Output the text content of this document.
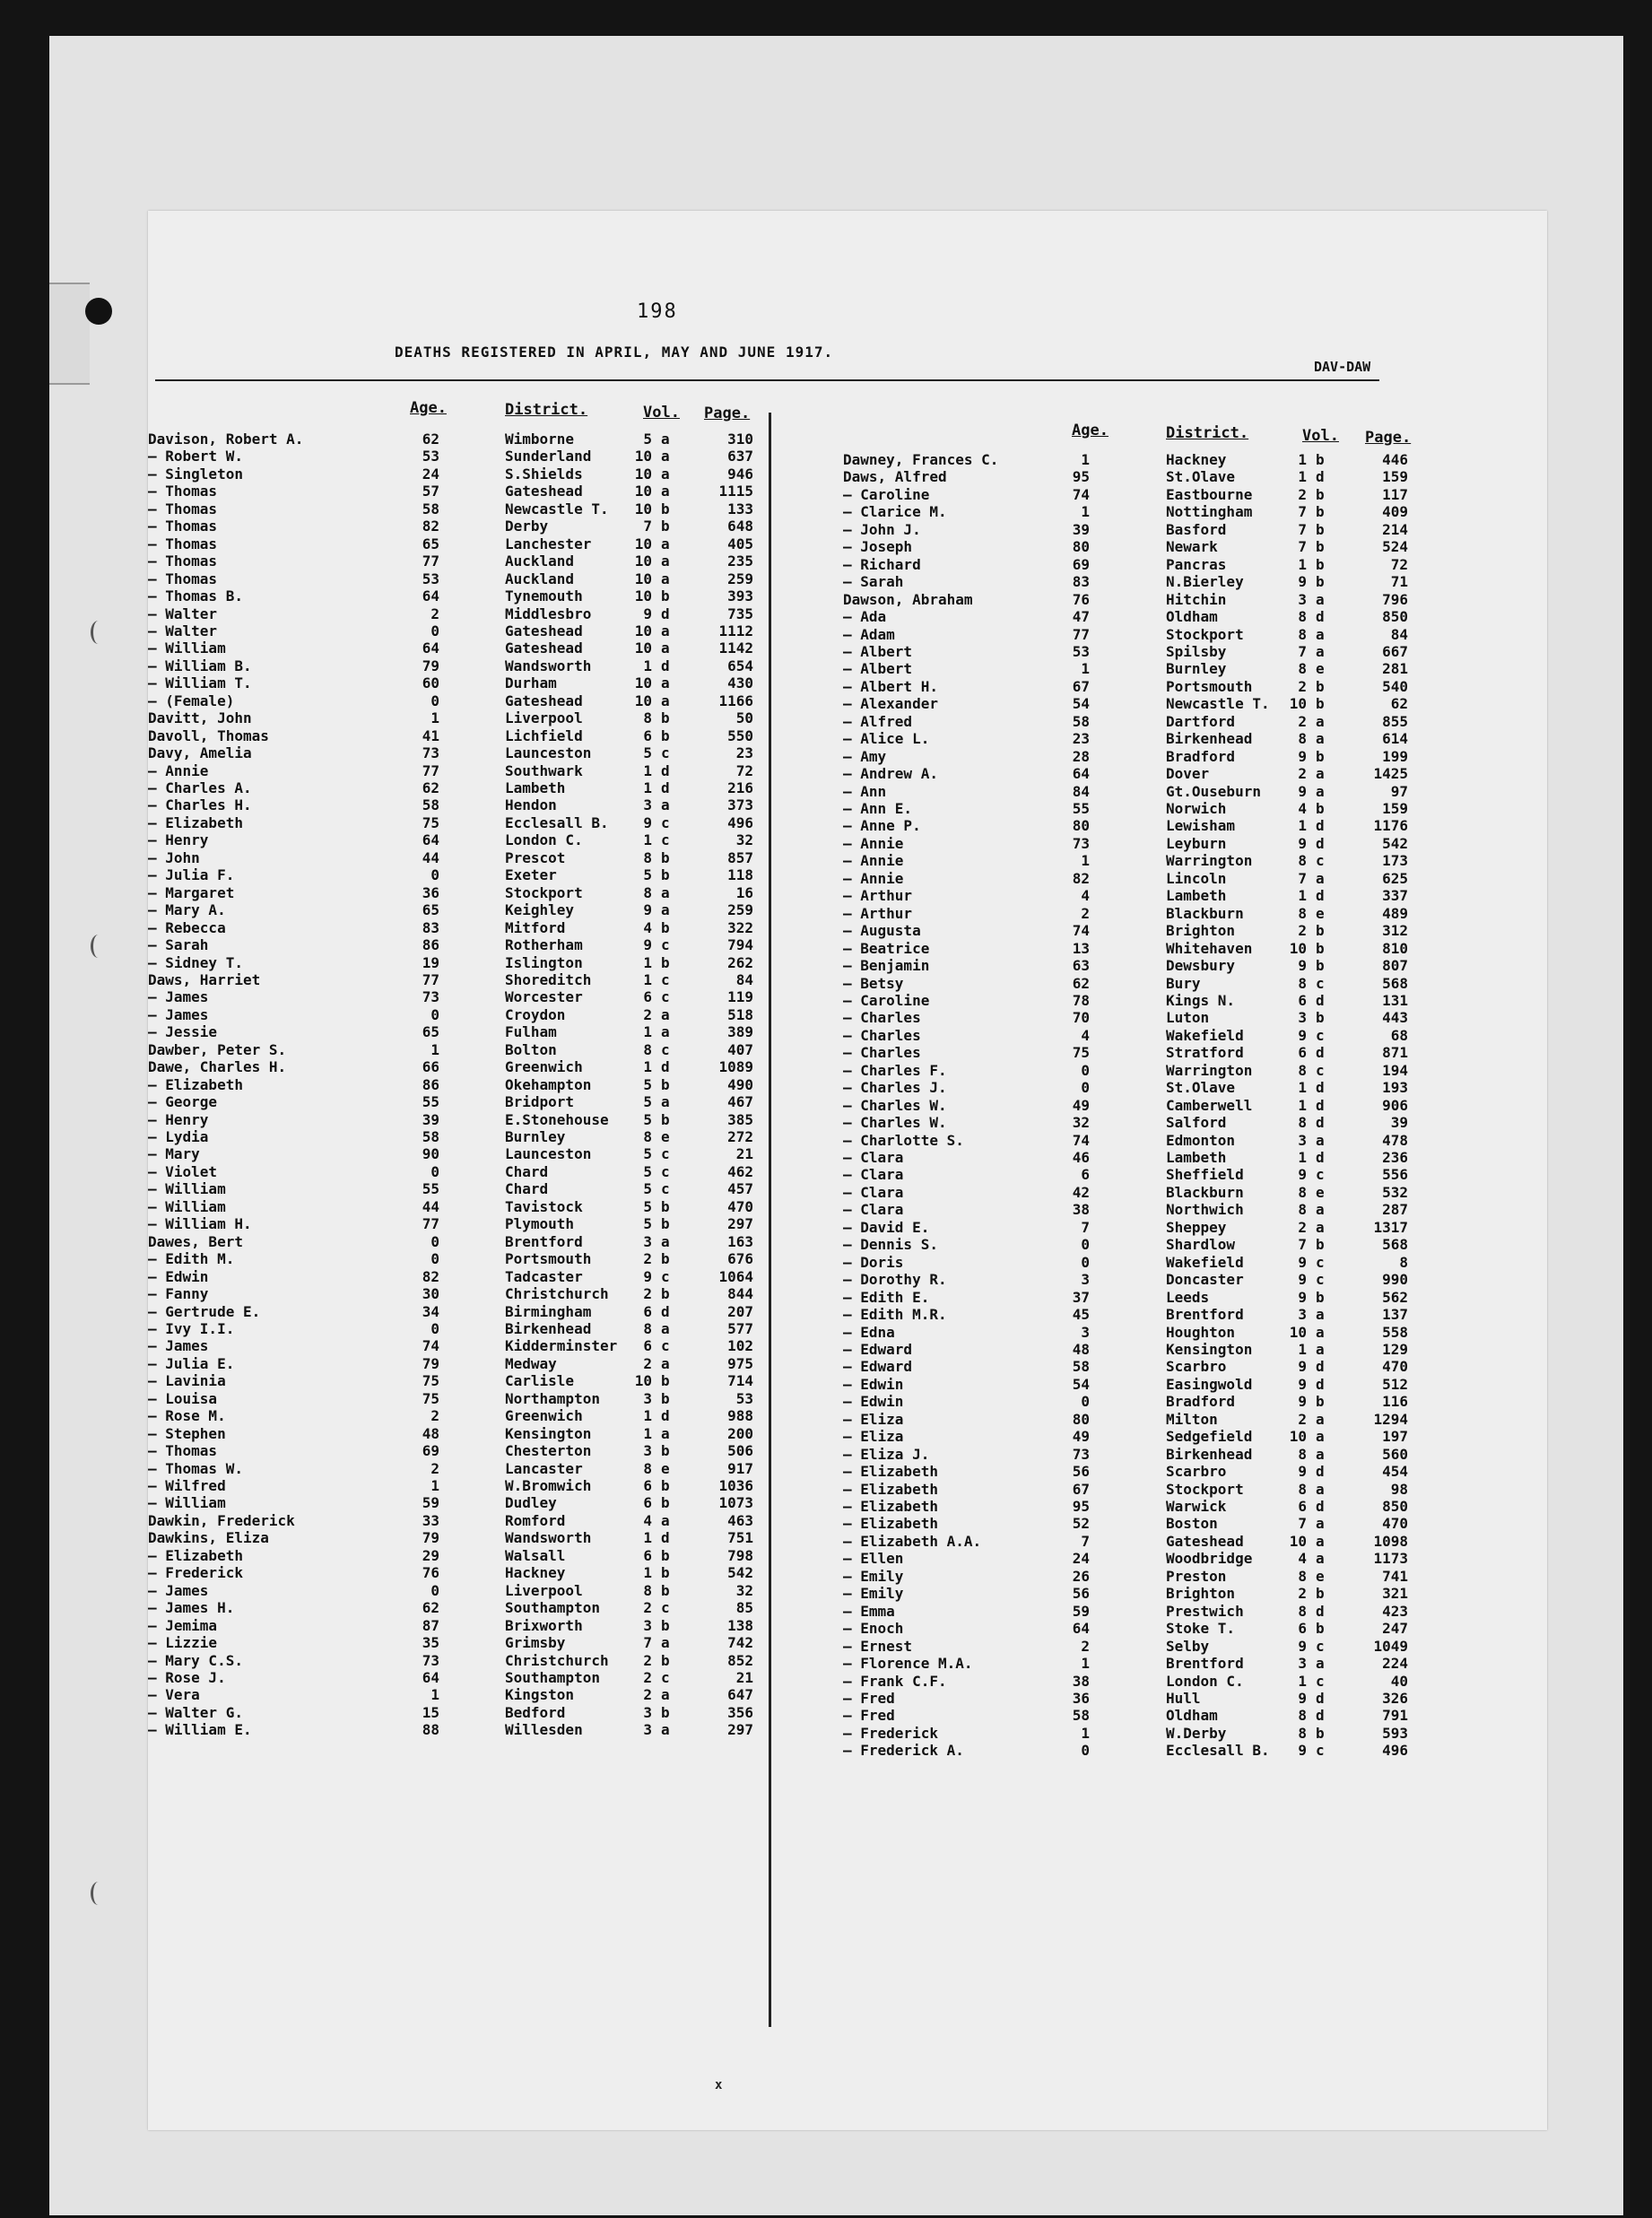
198
DEATHS REGISTERED IN APRIL, MAY AND JUNE 1917.
DAV-DAW
Age.	District.	Vol. Page.
Davison, Robert A.	62	Wimborne	5 a	310
— Robert W.	53	Sunderland	10 a	637
— Singleton	24	S.Shields	10 a	946
— Thomas	57	Gateshead	10 a	1115
— Thomas	58	Newcastle T.	10 b	133
— Thomas	82	Derby	7 b	648
— Thomas	65	Lanchester	10 a	405
— Thomas	77	Auckland	10 a	235
— Thomas	53	Auckland	10 a	259
— Thomas B.	64	Tynemouth	10 b	393
— Walter	2	Middlesbro	9 d	735
— Walter	0	Gateshead	10 a	1112
— William	64	Gateshead	10 a	1142
— William B.	79	Wandsworth	1 d	654
— William T.	60	Durham	10 a	430
— (Female)	0	Gateshead	10 a	1166
Davitt, John	1	Liverpool	8 b	50
Davoll, Thomas	41	Lichfield	6 b	550
Davy, Amelia	73	Launceston	5 c	23
— Annie	77	Southwark	1 d	72
— Charles A.	62	Lambeth	1 d	216
— Charles H.	58	Hendon	3 a	373
— Elizabeth	75	Ecclesall B.	9 c	496
— Henry	64	London C.	1 c	32
— John	44	Prescot	8 b	857
— Julia F.	0	Exeter	5 b	118
— Margaret	36	Stockport	8 a	16
— Mary A.	65	Keighley	9 a	259
— Rebecca	83	Mitford	4 b	322
— Sarah	86	Rotherham	9 c	794
— Sidney T.	19	Islington	1 b	262
Daws, Harriet	77	Shoreditch	1 c	84
— James	73	Worcester	6 c	119
— James	0	Croydon	2 a	518
— Jessie	65	Fulham	1 a	389
Dawber, Peter S.	1	Bolton	8 c	407
Dawe, Charles H.	66	Greenwich	1 d	1089
— Elizabeth	86	Okehampton	5 b	490
— George	55	Bridport	5 a	467
— Henry	39	E.Stonehouse	5 b	385
— Lydia	58	Burnley	8 e	272
— Mary	90	Launceston	5 c	21
— Violet	0	Chard	5 c	462
— William	55	Chard	5 c	457
— William	44	Tavistock	5 b	470
— William H.	77	Plymouth	5 b	297
Dawes, Bert	0	Brentford	3 a	163
— Edith M.	0	Portsmouth	2 b	676
— Edwin	82	Tadcaster	9 c	1064
— Fanny	30	Christchurch	2 b	844
— Gertrude E.	34	Birmingham	6 d	207
— Ivy I.I.	0	Birkenhead	8 a	577
— James	74	Kidderminster	6 c	102
— Julia E.	79	Medway	2 a	975
— Lavinia	75	Carlisle	10 b	714
— Louisa	75	Northampton	3 b	53
— Rose M.	2	Greenwich	1 d	988
— Stephen	48	Kensington	1 a	200
— Thomas	69	Chesterton	3 b	506
— Thomas W.	2	Lancaster	8 e	917
— Wilfred	1	W.Bromwich	6 b	1036
— William	59	Dudley	6 b	1073
Dawkin, Frederick	33	Romford	4 a	463
Dawkins, Eliza	79	Wandsworth	1 d	751
— Elizabeth	29	Walsall	6 b	798
— Frederick	76	Hackney	1 b	542
— James	0	Liverpool	8 b	32
— James H.	62	Southampton	2 c	85
— Jemima	87	Brixworth	3 b	138
— Lizzie	35	Grimsby	7 a	742
— Mary C.S.	73	Christchurch	2 b	852
— Rose J.	64	Southampton	2 c	21
— Vera	1	Kingston	2 a	647
— Walter G.	15	Bedford	3 b	356
— William E.	88	Willesden	3 a	297
Age.	District.	Vol. Page.
Dawney, Frances C.	1	Hackney	1 b	446
Daws, Alfred	95	St.Olave	1 d	159
— Caroline	74	Eastbourne	2 b	117
— Clarice M.	1	Nottingham	7 b	409
— John J.	39	Basford	7 b	214
— Joseph	80	Newark	7 b	524
— Richard	69	Pancras	1 b	72
— Sarah	83	N.Bierley	9 b	71
Dawson, Abraham	76	Hitchin	3 a	796
— Ada	47	Oldham	8 d	850
— Adam	77	Stockport	8 a	84
— Albert	53	Spilsby	7 a	667
— Albert	1	Burnley	8 e	281
— Albert H.	67	Portsmouth	2 b	540
— Alexander	54	Newcastle T.	10 b	62
— Alfred	58	Dartford	2 a	855
— Alice L.	23	Birkenhead	8 a	614
— Amy	28	Bradford	9 b	199
— Andrew A.	64	Dover	2 a	1425
— Ann	84	Gt.Ouseburn	9 a	97
— Ann E.	55	Norwich	4 b	159
— Anne P.	80	Lewisham	1 d	1176
— Annie	73	Leyburn	9 d	542
— Annie	1	Warrington	8 c	173
— Annie	82	Lincoln	7 a	625
— Arthur	4	Lambeth	1 d	337
— Arthur	2	Blackburn	8 e	489
— Augusta	74	Brighton	2 b	312
— Beatrice	13	Whitehaven	10 b	810
— Benjamin	63	Dewsbury	9 b	807
— Betsy	62	Bury	8 c	568
— Caroline	78	Kings N.	6 d	131
— Charles	70	Luton	3 b	443
— Charles	4	Wakefield	9 c	68
— Charles	75	Stratford	6 d	871
— Charles F.	0	Warrington	8 c	194
— Charles J.	0	St.Olave	1 d	193
— Charles W.	49	Camberwell	1 d	906
— Charles W.	32	Salford	8 d	39
— Charlotte S.	74	Edmonton	3 a	478
— Clara	46	Lambeth	1 d	236
— Clara	6	Sheffield	9 c	556
— Clara	42	Blackburn	8 e	532
— Clara	38	Northwich	8 a	287
— David E.	7	Sheppey	2 a	1317
— Dennis S.	0	Shardlow	7 b	568
— Doris	0	Wakefield	9 c	8
— Dorothy R.	3	Doncaster	9 c	990
— Edith E.	37	Leeds	9 b	562
— Edith M.R.	45	Brentford	3 a	137
— Edna	3	Houghton	10 a	558
— Edward	48	Kensington	1 a	129
— Edward	58	Scarbro	9 d	470
— Edwin	54	Easingwold	9 d	512
— Edwin	0	Bradford	9 b	116
— Eliza	80	Milton	2 a	1294
— Eliza	49	Sedgefield	10 a	197
— Eliza J.	73	Birkenhead	8 a	560
— Elizabeth	56	Scarbro	9 d	454
— Elizabeth	67	Stockport	8 a	98
— Elizabeth	95	Warwick	6 d	850
— Elizabeth	52	Boston	7 a	470
— Elizabeth A.A.	7	Gateshead	10 a	1098
— Ellen	24	Woodbridge	4 a	1173
— Emily	26	Preston	8 e	741
— Emily	56	Brighton	2 b	321
— Emma	59	Prestwich	8 d	423
— Enoch	64	Stoke T.	6 b	247
— Ernest	2	Selby	9 c	1049
— Florence M.A.	1	Brentford	3 a	224
— Frank C.F.	38	London C.	1 c	40
— Fred	36	Hull	9 d	326
— Fred	58	Oldham	8 d	791
— Frederick	1	W.Derby	8 b	593
— Frederick A.	0	Ecclesall B.	9 c	496
x
